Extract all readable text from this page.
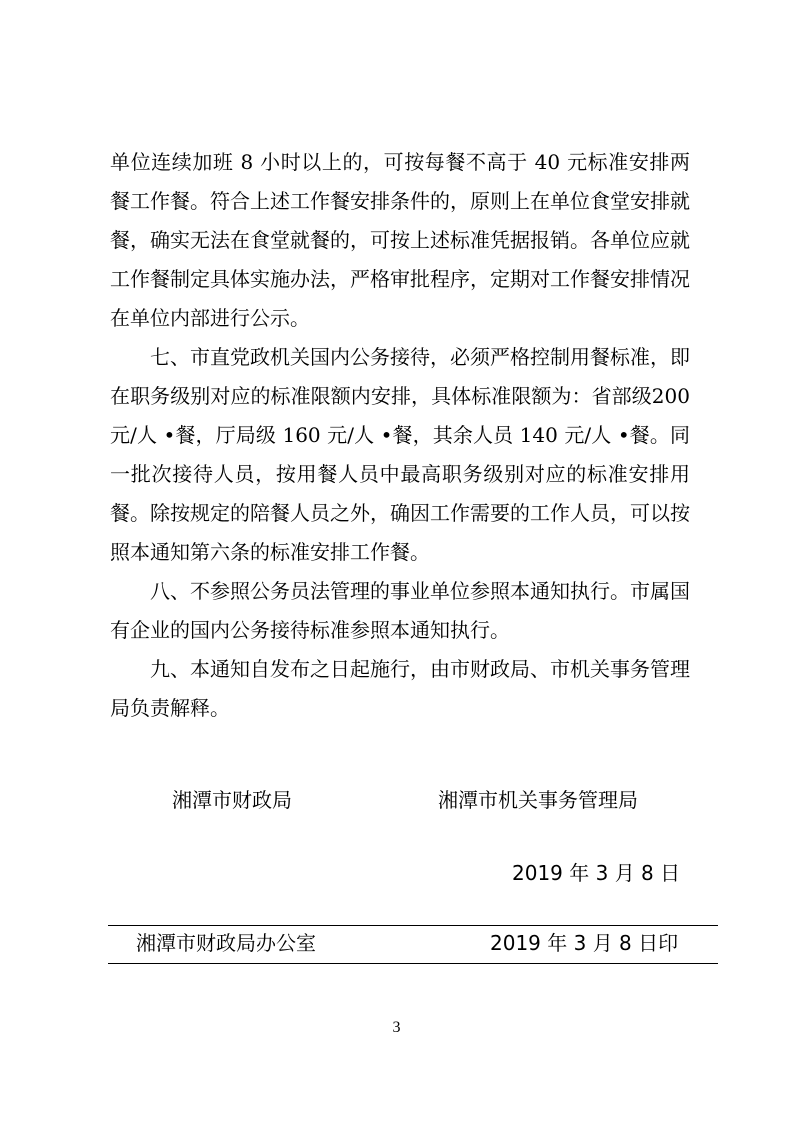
单位连续加班 8 小时以上的，可按每餐不高于 40 元标准安排两餐工作餐。符合上述工作餐安排条件的，原则上在单位食堂安排就餐，确实无法在食堂就餐的，可按上述标准凭据报销。各单位应就工作餐制定具体实施办法，严格审批程序，定期对工作餐安排情况在单位内部进行公示。

七、市直党政机关国内公务接待，必须严格控制用餐标准，即在职务级别对应的标准限额内安排，具体标准限额为：省部级200 元/人 •餐，厅局级 160 元/人 •餐，其余人员 140 元/人 •餐。同一批次接待人员，按用餐人员中最高职务级别对应的标准安排用餐。除按规定的陪餐人员之外，确因工作需要的工作人员，可以按照本通知第六条的标准安排工作餐。

八、不参照公务员法管理的事业单位参照本通知执行。市属国有企业的国内公务接待标准参照本通知执行。

九、本通知自发布之日起施行，由市财政局、市机关事务管理局负责解释。

湘潭市财政局	湘潭市机关事务管理局
2019 年 3 月 8 日
湘潭市财政局办公室	2019 年 3 月 8 日印
3
